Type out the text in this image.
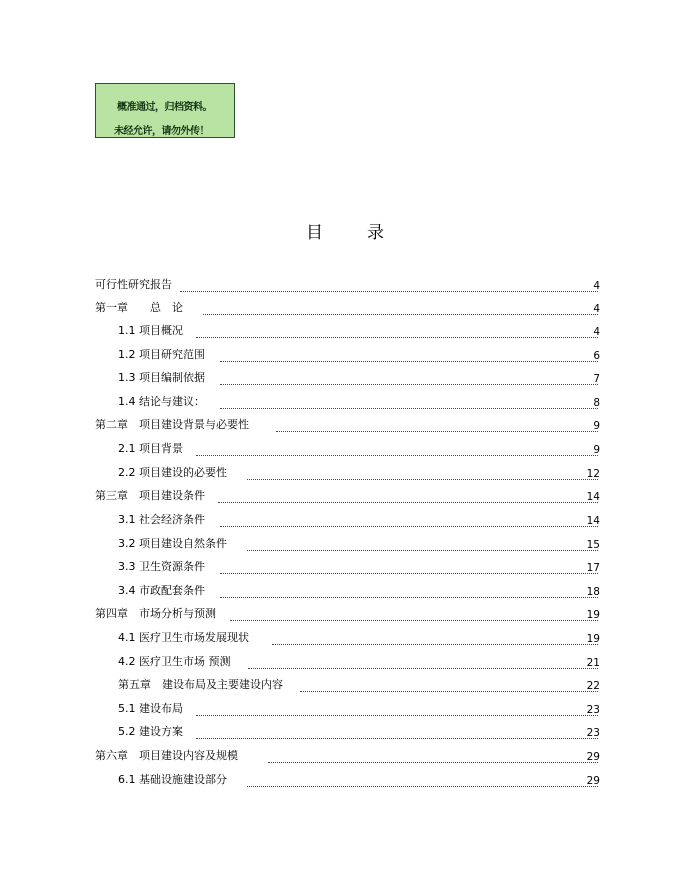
概准通过，归档资料。
未经允许，请勿外传！
目录
可行性研究报告	4
第一章　　总　论	4
1.1 项目概况	4
1.2 项目研究范围	6
1.3 项目编制依据	7
1.4 结论与建议：	8
第二章　项目建设背景与必要性	9
2.1 项目背景	9
2.2 项目建设的必要性	12
第三章　项目建设条件	14
3.1 社会经济条件	14
3.2 项目建设自然条件	15
3.3 卫生资源条件	17
3.4 市政配套条件	18
第四章　市场分析与预测	19
4.1 医疗卫生市场发展现状	19
4.2 医疗卫生市场 预测	21
第五章　建设布局及主要建设内容	22
5.1 建设布局	23
5.2 建设方案	23
第六章　项目建设内容及规模	29
6.1 基础设施建设部分	29
